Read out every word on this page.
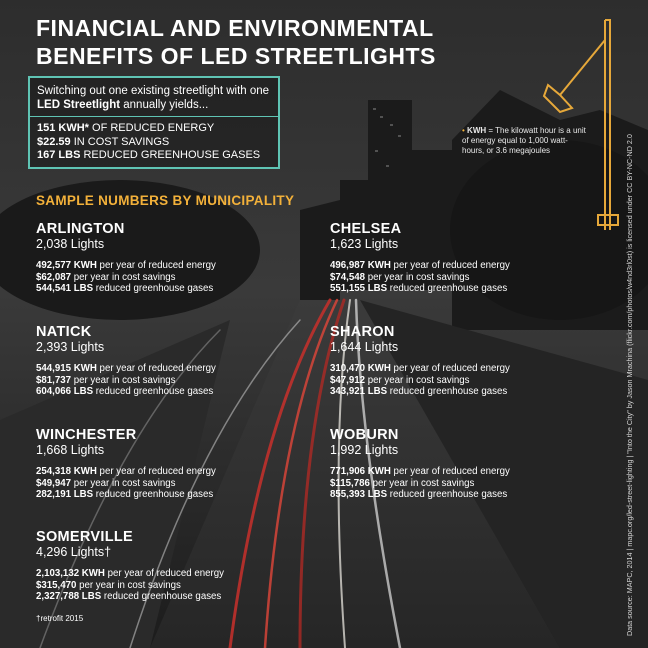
FINANCIAL AND ENVIRONMENTAL
BENEFITS OF LED STREETLIGHTS
Switching out one existing streetlight with one LED Streetlight annually yields...
151 KWH* OF REDUCED ENERGY
$22.59 IN COST SAVINGS
167 LBS REDUCED GREENHOUSE GASES
• KWH = The kilowatt hour is a unit of energy equal to 1,000 watt-hours, or 3.6 megajoules
SAMPLE NUMBERS BY MUNICIPALITY
ARLINGTON
2,038 Lights
492,577 KWH per year of reduced energy
$62,087 per year in cost savings
544,541 LBS reduced greenhouse gases
CHELSEA
1,623 Lights
496,987 KWH per year of reduced energy
$74,548 per year in cost savings
551,155 LBS reduced greenhouse gases
NATICK
2,393 Lights
544,915 KWH per year of reduced energy
$81,737 per year in cost savings
604,066 LBS reduced greenhouse gases
SHARON
1,644 Lights
310,470 KWH per year of reduced energy
$47,912 per year in cost savings
343,921 LBS reduced greenhouse gases
WINCHESTER
1,668 Lights
254,318 KWH per year of reduced energy
$49,947 per year in cost savings
282,191 LBS reduced greenhouse gases
WOBURN
1,992 Lights
771,906 KWH per year of reduced energy
$115,786 per year in cost savings
855,393 LBS reduced greenhouse gases
SOMERVILLE
4,296 Lights†
2,103,132 KWH per year of reduced energy
$315,470 per year in cost savings
2,327,788 LBS reduced greenhouse gases
†retrofit 2015	Data source: MAPC, 2014 | mapc.org/led-street-lighting | "Into the City" by Jason Mrachina (flickr.com/photos/w4nd3rl0st) is licensed under CC BY-NC-ND 2.0
